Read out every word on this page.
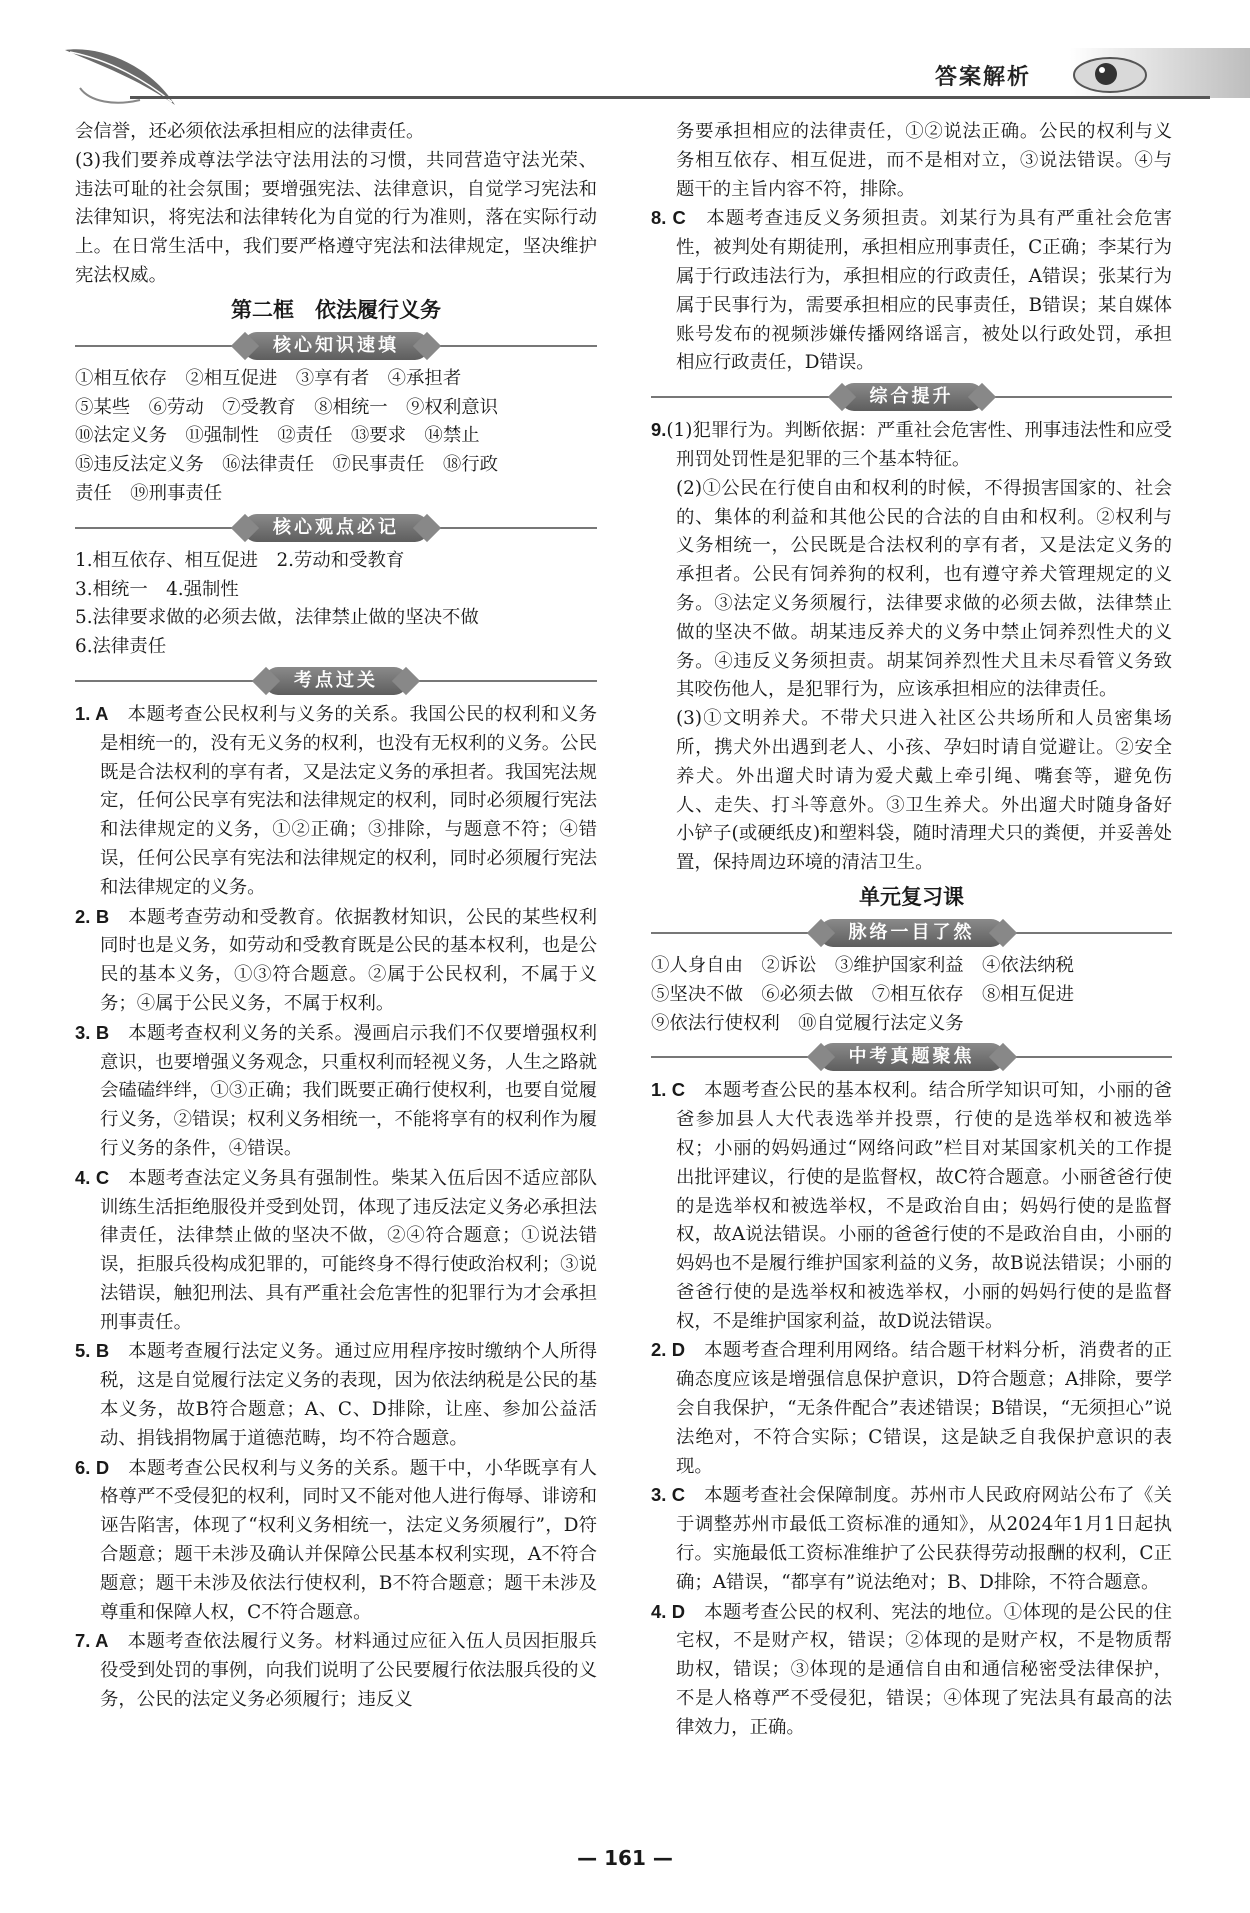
答案解析

会信誉，还必须依法承担相应的法律责任。

(3)我们要养成尊法学法守法用法的习惯，共同营造守法光荣、违法可耻的社会氛围；要增强宪法、法律意识，自觉学习宪法和法律知识，将宪法和法律转化为自觉的行为准则，落在实际行动上。在日常生活中，我们要严格遵守宪法和法律规定，坚决维护宪法权威。

第二框　依法履行义务

核心知识速填

①相互依存　②相互促进　③享有者　④承担者

⑤某些　⑥劳动　⑦受教育　⑧相统一　⑨权利意识

⑩法定义务　⑪强制性　⑫责任　⑬要求　⑭禁止

⑮违反法定义务　⑯法律责任　⑰民事责任　⑱行政

责任　⑲刑事责任

核心观点必记

1.相互依存、相互促进　2.劳动和受教育

3.相统一　4.强制性

5.法律要求做的必须去做，法律禁止做的坚决不做

6.法律责任

考点过关

1. A　 本题考查公民权利与义务的关系。我国公民的权利和义务是相统一的，没有无义务的权利，也没有无权利的义务。公民既是合法权利的享有者，又是法定义务的承担者。我国宪法规定，任何公民享有宪法和法律规定的权利，同时必须履行宪法和法律规定的义务，①②正确；③排除，与题意不符；④错误，任何公民享有宪法和法律规定的权利，同时必须履行宪法和法律规定的义务。

2. B　 本题考查劳动和受教育。依据教材知识，公民的某些权利同时也是义务，如劳动和受教育既是公民的基本权利，也是公民的基本义务，①③符合题意。②属于公民权利，不属于义务；④属于公民义务，不属于权利。

3. B　 本题考查权利义务的关系。漫画启示我们不仅要增强权利意识，也要增强义务观念，只重权利而轻视义务，人生之路就会磕磕绊绊，①③正确；我们既要正确行使权利，也要自觉履行义务，②错误；权利义务相统一，不能将享有的权利作为履行义务的条件，④错误。

4. C　 本题考查法定义务具有强制性。柴某入伍后因不适应部队训练生活拒绝服役并受到处罚，体现了违反法定义务必承担法律责任，法律禁止做的坚决不做，②④符合题意；①说法错误，拒服兵役构成犯罪的，可能终身不得行使政治权利；③说法错误，触犯刑法、具有严重社会危害性的犯罪行为才会承担刑事责任。

5. B　 本题考查履行法定义务。通过应用程序按时缴纳个人所得税，这是自觉履行法定义务的表现，因为依法纳税是公民的基本义务，故B符合题意；A、C、D排除，让座、参加公益活动、捐钱捐物属于道德范畴，均不符合题意。

6. D　 本题考查公民权利与义务的关系。题干中，小华既享有人格尊严不受侵犯的权利，同时又不能对他人进行侮辱、诽谤和诬告陷害，体现了“权利义务相统一，法定义务须履行”，D符合题意；题干未涉及确认并保障公民基本权利实现，A不符合题意；题干未涉及依法行使权利，B不符合题意；题干未涉及尊重和保障人权，C不符合题意。

7. A　 本题考查依法履行义务。材料通过应征入伍人员因拒服兵役受到处罚的事例，向我们说明了公民要履行依法服兵役的义务，公民的法定义务必须履行；违反义

务要承担相应的法律责任，①②说法正确。公民的权利与义务相互依存、相互促进，而不是相对立，③说法错误。④与题干的主旨内容不符，排除。

8. C　 本题考查违反义务须担责。刘某行为具有严重社会危害性，被判处有期徒刑，承担相应刑事责任，C正确；李某行为属于行政违法行为，承担相应的行政责任，A错误；张某行为属于民事行为，需要承担相应的民事责任，B错误；某自媒体账号发布的视频涉嫌传播网络谣言，被处以行政处罚，承担相应行政责任，D错误。

综合提升

9.(1)犯罪行为。判断依据：严重社会危害性、刑事违法性和应受刑罚处罚性是犯罪的三个基本特征。

(2)①公民在行使自由和权利的时候，不得损害国家的、社会的、集体的利益和其他公民的合法的自由和权利。②权利与义务相统一，公民既是合法权利的享有者，又是法定义务的承担者。公民有饲养狗的权利，也有遵守养犬管理规定的义务。③法定义务须履行，法律要求做的必须去做，法律禁止做的坚决不做。胡某违反养犬的义务中禁止饲养烈性犬的义务。④违反义务须担责。胡某饲养烈性犬且未尽看管义务致其咬伤他人，是犯罪行为，应该承担相应的法律责任。

(3)①文明养犬。不带犬只进入社区公共场所和人员密集场所，携犬外出遇到老人、小孩、孕妇时请自觉避让。②安全养犬。外出遛犬时请为爱犬戴上牵引绳、嘴套等，避免伤人、走失、打斗等意外。③卫生养犬。外出遛犬时随身备好小铲子(或硬纸皮)和塑料袋，随时清理犬只的粪便，并妥善处置，保持周边环境的清洁卫生。

单元复习课

脉络一目了然

①人身自由　②诉讼　③维护国家利益　④依法纳税

⑤坚决不做　⑥必须去做　⑦相互依存　⑧相互促进

⑨依法行使权利　⑩自觉履行法定义务

中考真题聚焦

1. C　 本题考查公民的基本权利。结合所学知识可知，小丽的爸爸参加县人大代表选举并投票，行使的是选举权和被选举权；小丽的妈妈通过“网络问政”栏目对某国家机关的工作提出批评建议，行使的是监督权，故C符合题意。小丽爸爸行使的是选举权和被选举权，不是政治自由；妈妈行使的是监督权，故A说法错误。小丽的爸爸行使的不是政治自由，小丽的妈妈也不是履行维护国家利益的义务，故B说法错误；小丽的爸爸行使的是选举权和被选举权，小丽的妈妈行使的是监督权，不是维护国家利益，故D说法错误。

2. D　 本题考查合理利用网络。结合题干材料分析，消费者的正确态度应该是增强信息保护意识，D符合题意；A排除，要学会自我保护，“无条件配合”表述错误；B错误，“无须担心”说法绝对，不符合实际；C错误，这是缺乏自我保护意识的表现。

3. C　 本题考查社会保障制度。苏州市人民政府网站公布了《关于调整苏州市最低工资标准的通知》，从2024年1月1日起执行。实施最低工资标准维护了公民获得劳动报酬的权利，C正确；A错误，“都享有”说法绝对；B、D排除，不符合题意。

4. D　 本题考查公民的权利、宪法的地位。①体现的是公民的住宅权，不是财产权，错误；②体现的是财产权，不是物质帮助权，错误；③体现的是通信自由和通信秘密受法律保护，不是人格尊严不受侵犯，错误；④体现了宪法具有最高的法律效力，正确。

— 161 —
